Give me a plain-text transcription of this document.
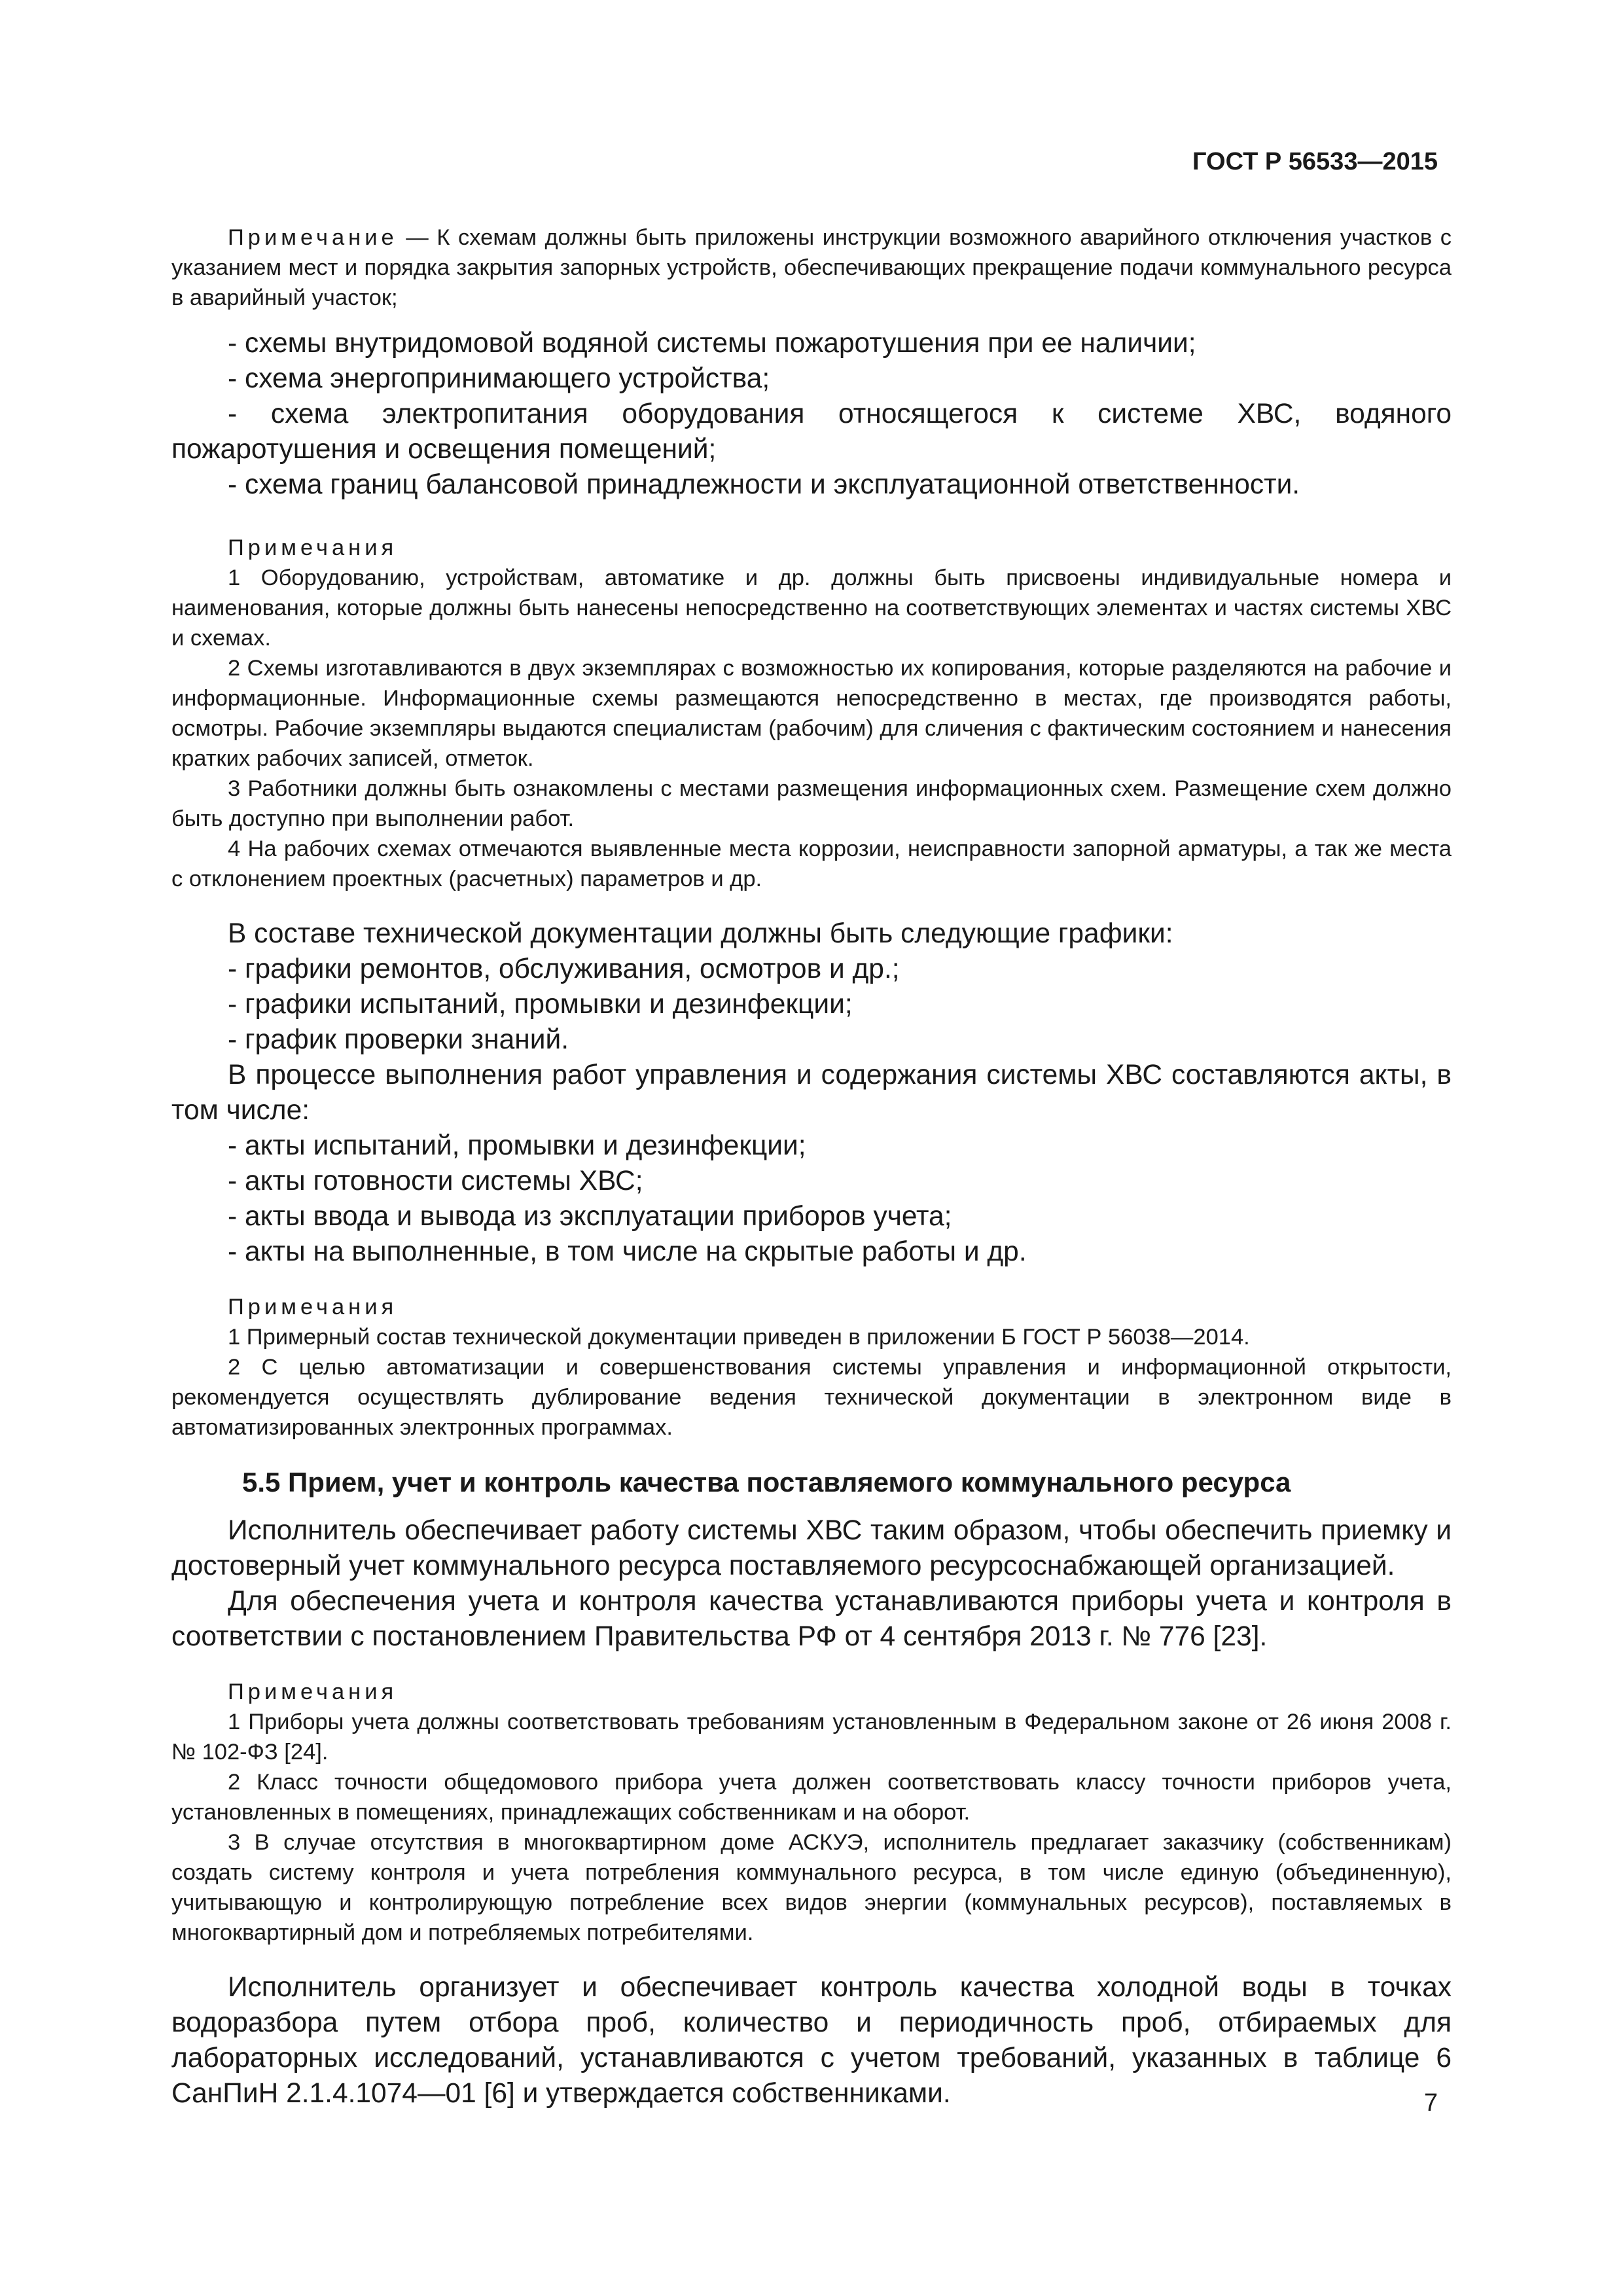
ГОСТ Р 56533—2015

Примечание — К схемам должны быть приложены инструкции возможного аварийного отключения участков с указанием мест и порядка закрытия запорных устройств, обеспечивающих прекращение подачи коммунального ресурса в аварийный участок;

- схемы внутридомовой водяной системы пожаротушения при ее наличии;

- схема энергопринимающего устройства;

- схема электропитания оборудования относящегося к системе ХВС, водяного пожаротушения и освещения помещений;

- схема границ балансовой принадлежности и эксплуатационной ответственности.

Примечания

1 Оборудованию, устройствам, автоматике и др. должны быть присвоены индивидуальные номера и наименования, которые должны быть нанесены непосредственно на соответствующих элементах и частях системы ХВС и схемах.

2 Схемы изготавливаются в двух экземплярах с возможностью их копирования, которые разделяются на рабочие и информационные. Информационные схемы размещаются непосредственно в местах, где производятся работы, осмотры. Рабочие экземпляры выдаются специалистам (рабочим) для сличения с фактическим состоянием и нанесения кратких рабочих записей, отметок.

3 Работники должны быть ознакомлены с местами размещения информационных схем. Размещение схем должно быть доступно при выполнении работ.

4 На рабочих схемах отмечаются выявленные места коррозии, неисправности запорной арматуры, а так же места с отклонением проектных (расчетных) параметров и др.

В составе технической документации должны быть следующие графики:

- графики ремонтов, обслуживания, осмотров и др.;

- графики испытаний, промывки и дезинфекции;

- график проверки знаний.

В процессе выполнения работ управления и содержания системы ХВС составляются акты, в том числе:

- акты испытаний, промывки и дезинфекции;

- акты готовности системы ХВС;

- акты ввода и вывода из эксплуатации приборов учета;

- акты на выполненные, в том числе на скрытые работы и др.

Примечания

1 Примерный состав технической документации приведен в приложении Б ГОСТ Р 56038—2014.

2 С целью автоматизации и совершенствования системы управления и информационной открытости, рекомендуется осуществлять дублирование ведения технической документации в электронном виде в автоматизированных электронных программах.

5.5 Прием, учет и контроль качества поставляемого коммунального ресурса

Исполнитель обеспечивает работу системы ХВС таким образом, чтобы обеспечить приемку и достоверный учет коммунального ресурса поставляемого ресурсоснабжающей организацией.

Для обеспечения учета и контроля качества устанавливаются приборы учета и контроля в соответствии с постановлением Правительства РФ от 4 сентября 2013 г. № 776 [23].

Примечания

1 Приборы учета должны соответствовать требованиям установленным в Федеральном законе от 26 июня 2008 г. № 102-ФЗ [24].

2 Класс точности общедомового прибора учета должен соответствовать классу точности приборов учета, установленных в помещениях, принадлежащих собственникам и на оборот.

3 В случае отсутствия в многоквартирном доме АСКУЭ, исполнитель предлагает заказчику (собственникам) создать систему контроля и учета потребления коммунального ресурса, в том числе единую (объединенную), учитывающую и контролирующую потребление всех видов энергии (коммунальных ресурсов), поставляемых в многоквартирный дом и потребляемых потребителями.

Исполнитель организует и обеспечивает контроль качества холодной воды в точках водоразбора путем отбора проб, количество и периодичность проб, отбираемых для лабораторных исследований, устанавливаются с учетом требований, указанных в таблице 6 СанПиН 2.1.4.1074—01 [6] и утверждается собственниками.	7
